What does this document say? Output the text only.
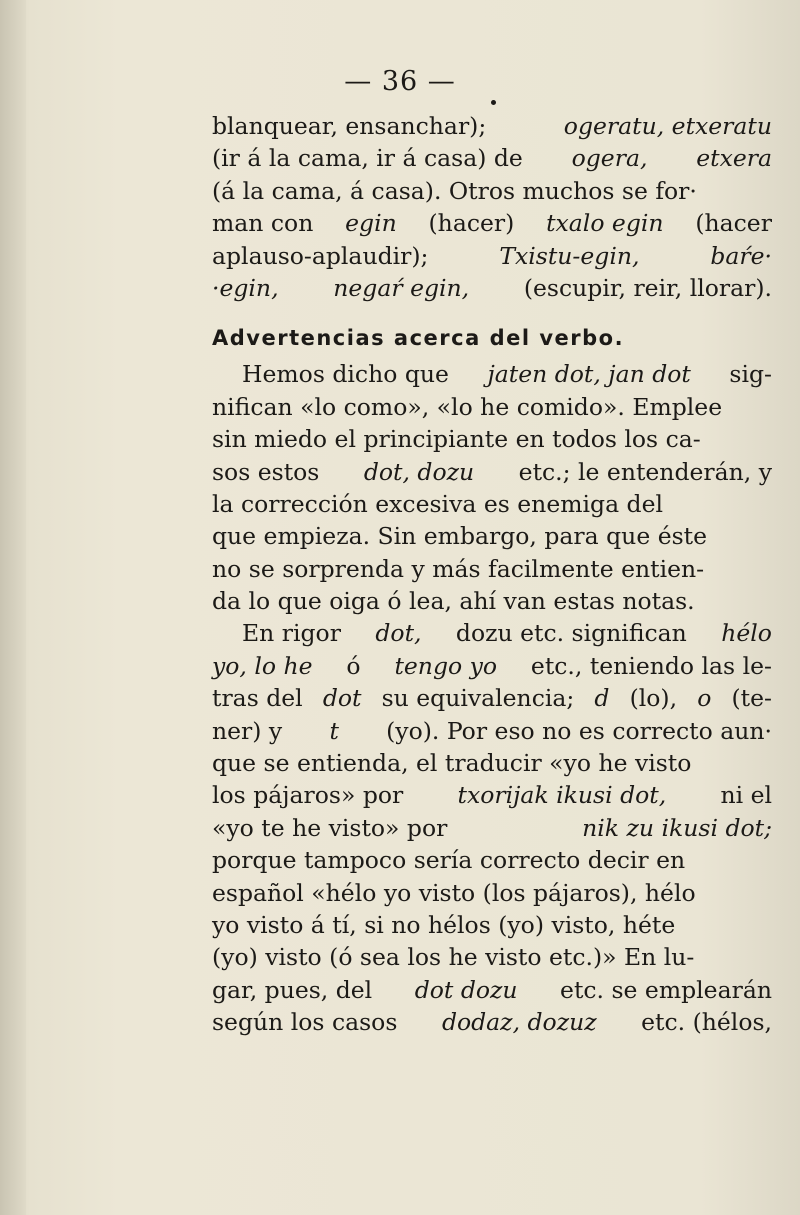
— 36 —
blanquear, ensanchar);	ogeratu, etxeratu
(ir á la cama, ir á casa) de ogera, etxera
(á la cama, á casa). Otros muchos se for·
man con egin (hacer) txalo egin (hacer
aplauso-aplaudir);	Txistu-egin,	baŕe·
·egin, negaŕ egin, (escupir, reir, llorar).
Advertencias acerca del verbo.
Hemos dicho que jaten dot, jan dot sig-
nifican «lo como», «lo he comido». Emplee
sin miedo el principiante en todos los ca-
sos estos dot, dozu etc.; le entenderán, y
la corrección excesiva es enemiga del
que empieza. Sin embargo, para que éste
no se sorprenda y más facilmente entien-
da lo que oiga ó lea, ahí van estas notas.
En rigor dot, dozu etc. significan hélo
yo, lo he ó tengo yo etc., teniendo las le-
tras del dot su equivalencia; d (lo), o (te-
ner) y t (yo). Por eso no es correcto aun·
que se entienda, el traducir «yo he visto
los pájaros» por txorijak ikusi dot, ni el
«yo te he visto» por	nik zu ikusi dot;
porque tampoco sería correcto decir en
español «hélo yo visto (los pájaros), hélo
yo visto á tí, si no hélos (yo) visto, héte
(yo) visto (ó sea los he visto etc.)» En lu-
gar, pues, del dot dozu etc. se emplearán
según los casos dodaz, dozuz etc. (hélos,
